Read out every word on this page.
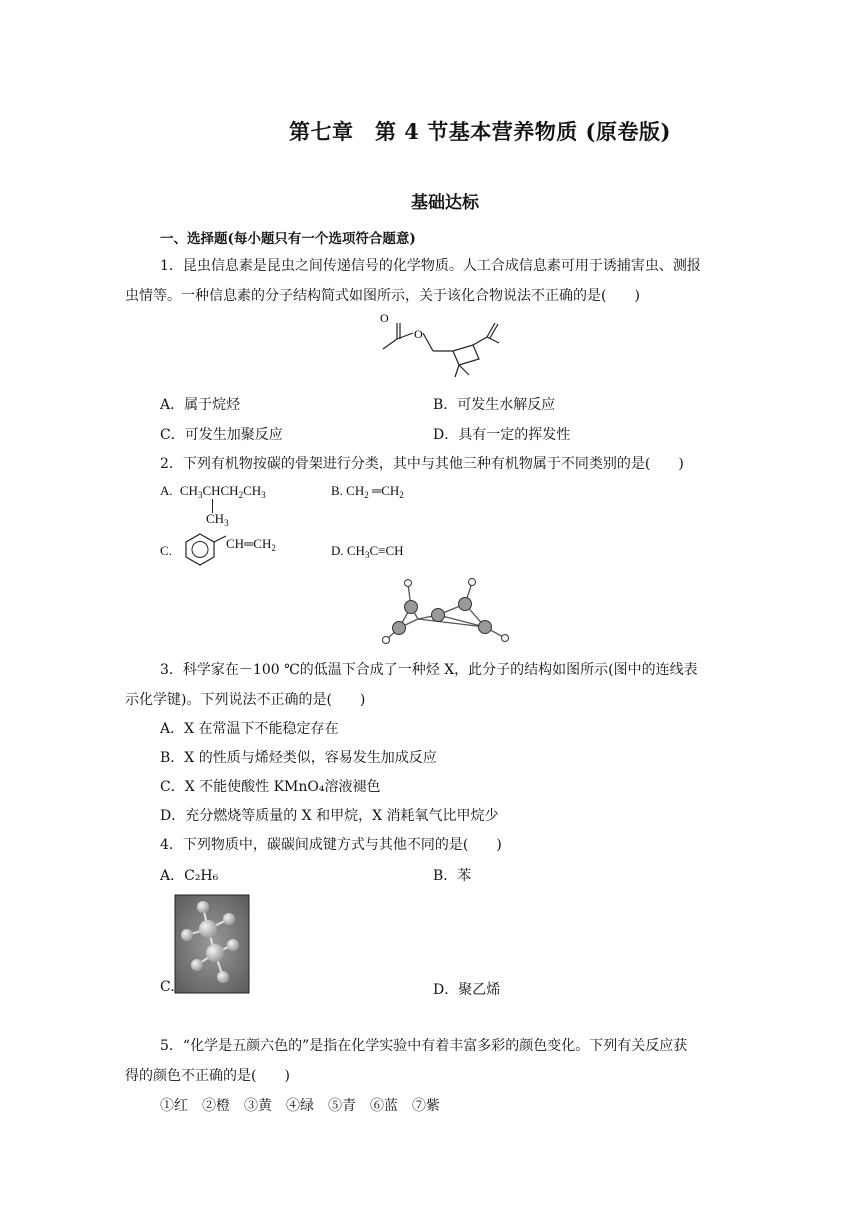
第七章　第 4 节基本营养物质 (原卷版)
基础达标
一、选择题(每小题只有一个选项符合题意)
1．昆虫信息素是昆虫之间传递信号的化学物质。人工合成信息素可用于诱捕害虫、测报
虫情等。一种信息素的分子结构简式如图所示，关于该化合物说法不正确的是(　　)
O
O
A．属于烷烃	B．可发生水解反应
C．可发生加聚反应	D．具有一定的挥发性
2．下列有机物按碳的骨架进行分类，其中与其他三种有机物属于不同类别的是(　　)
A. $CH_3CHCH_2CH_3$
$CH_3$
B. $CH_2$ $═CH_2$
C.	$CH═CH_2$	D. $CH_3C\equiv CH$
3．科学家在－100 ℃的低温下合成了一种烃 X，此分子的结构如图所示(图中的连线表
示化学键)。下列说法不正确的是(　　)
A．X 在常温下不能稳定存在
B．X 的性质与烯烃类似，容易发生加成反应
C．X 不能使酸性 KMnO₄溶液褪色
D．充分燃烧等质量的 X 和甲烷，X 消耗氧气比甲烷少
4．下列物质中，碳碳间成键方式与其他不同的是(　　)
A．C₂H₆	B．苯
C.	D．聚乙烯
5．“化学是五颜六色的”是指在化学实验中有着丰富多彩的颜色变化。下列有关反应获
得的颜色不正确的是(　　)
①红　②橙　③黄　④绿　⑤青　⑥蓝　⑦紫
